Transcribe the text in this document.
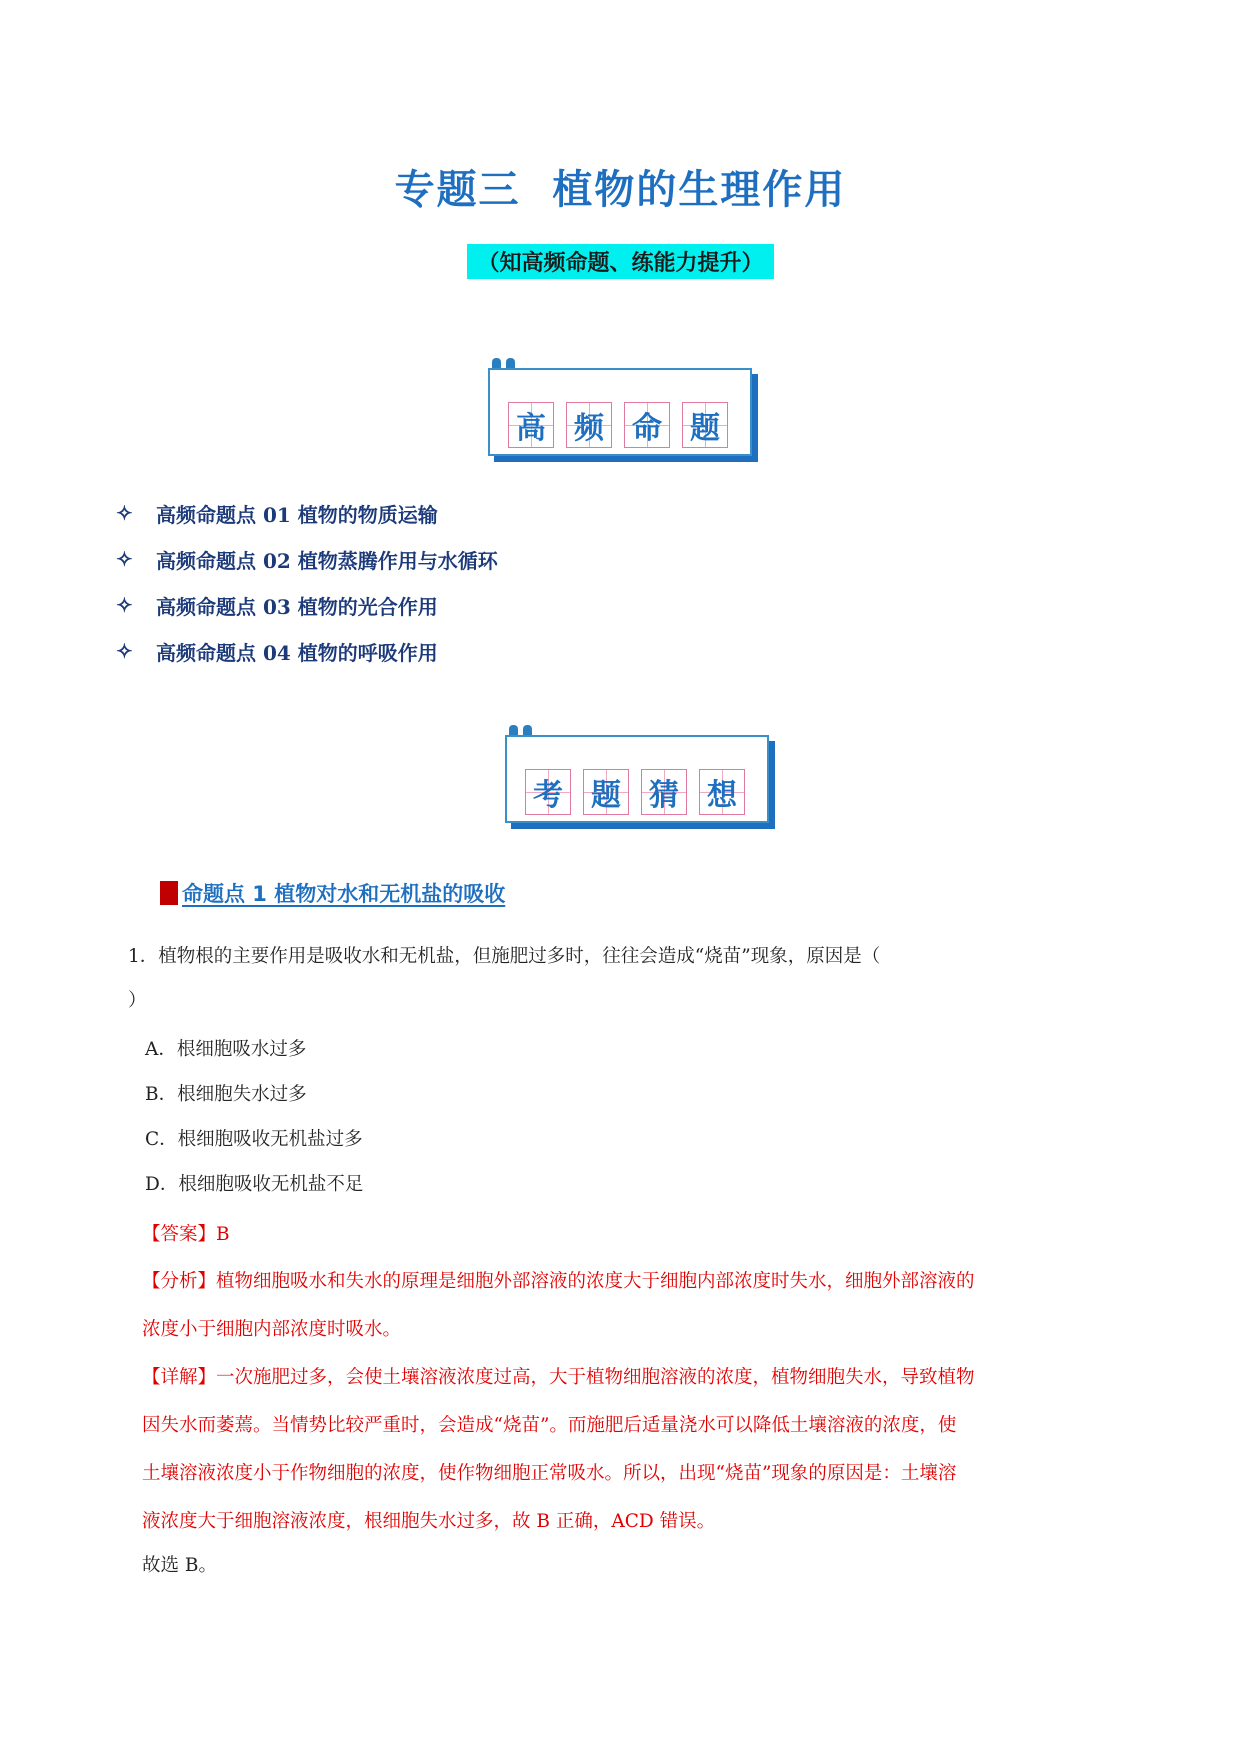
专题三  植物的生理作用
（知高频命题、练能力提升）
高 频 命 题
✧	高频命题点 01 植物的物质运输
✧	高频命题点 02 植物蒸腾作用与水循环
✧	高频命题点 03 植物的光合作用
✧	高频命题点 04 植物的呼吸作用
考 题 猜 想
命题点 1 植物对水和无机盐的吸收
1．植物根的主要作用是吸收水和无机盐，但施肥过多时，往往会造成“烧苗”现象，原因是（
）
A．根细胞吸水过多
B．根细胞失水过多
C．根细胞吸收无机盐过多
D．根细胞吸收无机盐不足
【答案】B
【分析】植物细胞吸水和失水的原理是细胞外部溶液的浓度大于细胞内部浓度时失水，细胞外部溶液的
浓度小于细胞内部浓度时吸水。
【详解】一次施肥过多，会使土壤溶液浓度过高，大于植物细胞溶液的浓度，植物细胞失水，导致植物
因失水而萎蔫。当情势比较严重时，会造成“烧苗”。而施肥后适量浇水可以降低土壤溶液的浓度，使
土壤溶液浓度小于作物细胞的浓度，使作物细胞正常吸水。所以，出现“烧苗”现象的原因是：土壤溶
液浓度大于细胞溶液浓度，根细胞失水过多，故 B 正确，ACD 错误。
故选 B。
